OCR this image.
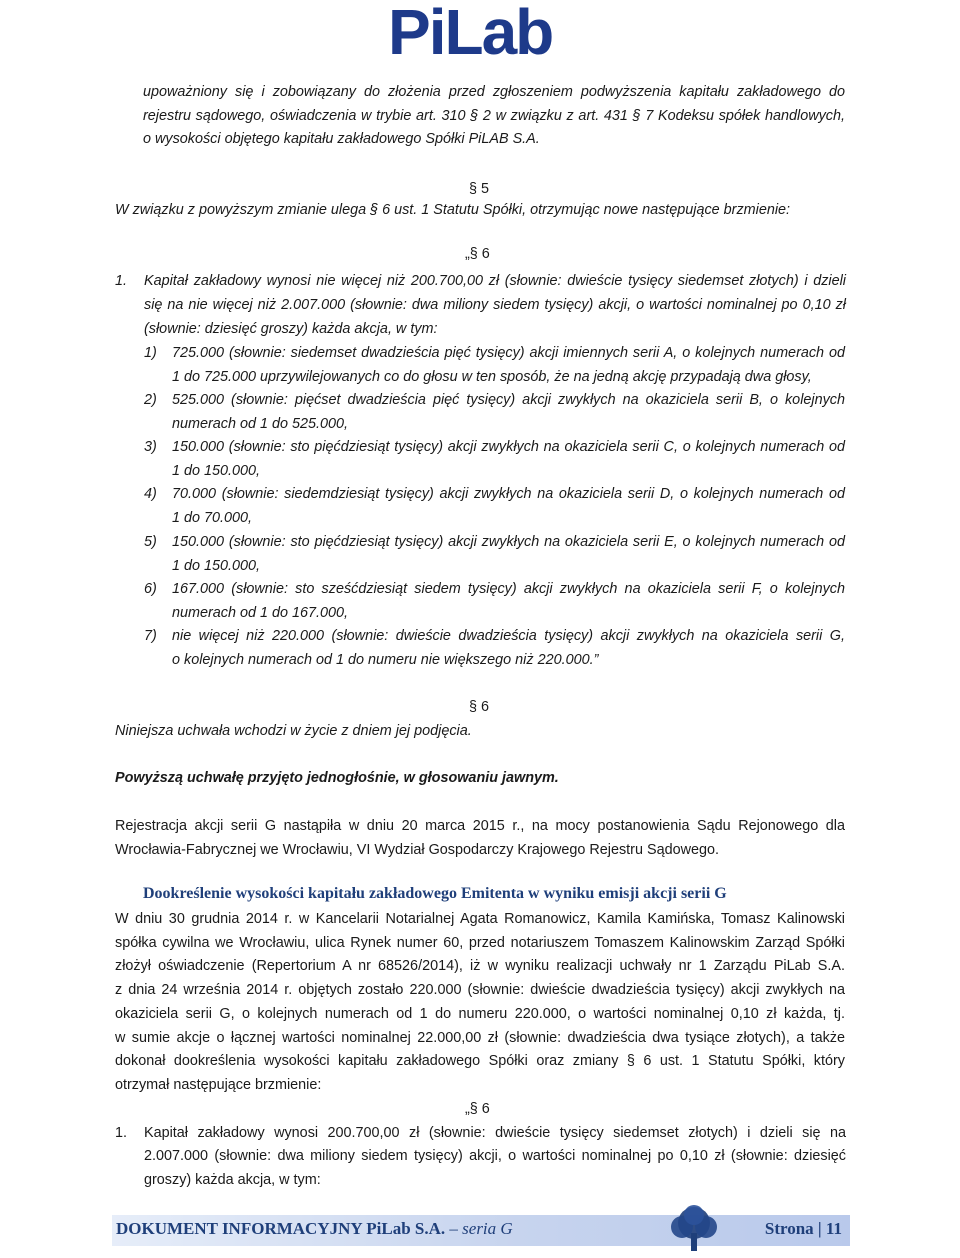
PiLab
upoważniony się i zobowiązany do złożenia przed zgłoszeniem podwyższenia kapitału zakładowego do
rejestru sądowego, oświadczenia w trybie art. 310 § 2 w związku z art. 431 § 7 Kodeksu spółek handlowych,
o wysokości objętego kapitału zakładowego Spółki PiLAB S.A.
§ 5
W związku z powyższym zmianie ulega § 6 ust. 1 Statutu Spółki, otrzymując nowe następujące brzmienie:
„§ 6
1. Kapitał zakładowy wynosi nie więcej niż 200.700,00 zł (słownie: dwieście tysięcy siedemset złotych) i dzieli
się na nie więcej niż 2.007.000 (słownie: dwa miliony siedem tysięcy) akcji, o wartości nominalnej po 0,10 zł
(słownie: dziesięć groszy) każda akcja, w tym:
1) 725.000 (słownie: siedemset dwadzieścia pięć tysięcy) akcji imiennych serii A, o kolejnych numerach od
1 do 725.000 uprzywilejowanych co do głosu w ten sposób, że na jedną akcję przypadają dwa głosy,
2) 525.000 (słownie: pięćset dwadzieścia pięć tysięcy) akcji zwykłych na okaziciela serii B, o kolejnych
numerach od 1 do 525.000,
3) 150.000 (słownie: sto pięćdziesiąt tysięcy) akcji zwykłych na okaziciela serii C, o kolejnych numerach od
1 do 150.000,
4) 70.000 (słownie: siedemdziesiąt tysięcy) akcji zwykłych na okaziciela serii D, o kolejnych numerach od
1 do 70.000,
5) 150.000 (słownie: sto pięćdziesiąt tysięcy) akcji zwykłych na okaziciela serii E, o kolejnych numerach od
1 do 150.000,
6) 167.000 (słownie: sto sześćdziesiąt siedem tysięcy) akcji zwykłych na okaziciela serii F, o kolejnych
numerach od 1 do 167.000,
7) nie więcej niż 220.000 (słownie: dwieście dwadzieścia tysięcy) akcji zwykłych na okaziciela serii G,
o kolejnych numerach od 1 do numeru nie większego niż 220.000.”
§ 6
Niniejsza uchwała wchodzi w życie z dniem jej podjęcia.
Powyższą uchwałę przyjęto jednogłośnie, w głosowaniu jawnym.
Rejestracja akcji serii G nastąpiła w dniu 20 marca 2015 r., na mocy postanowienia Sądu Rejonowego dla
Wrocławia-Fabrycznej we Wrocławiu, VI Wydział Gospodarczy Krajowego Rejestru Sądowego.
Dookreślenie wysokości kapitału zakładowego Emitenta w wyniku emisji akcji serii G
W dniu 30 grudnia 2014 r. w Kancelarii Notarialnej Agata Romanowicz, Kamila Kamińska, Tomasz Kalinowski
spółka cywilna we Wrocławiu, ulica Rynek numer 60, przed notariuszem Tomaszem Kalinowskim Zarząd Spółki
złożył oświadczenie (Repertorium A nr 68526/2014), iż w wyniku realizacji uchwały nr 1 Zarządu PiLab S.A.
z dnia 24 września 2014 r. objętych zostało 220.000 (słownie: dwieście dwadzieścia tysięcy) akcji zwykłych na
okaziciela serii G, o kolejnych numerach od 1 do numeru 220.000, o wartości nominalnej 0,10 zł każda, tj.
w sumie akcje o łącznej wartości nominalnej 22.000,00 zł (słownie: dwadzieścia dwa tysiące złotych), a także
dokonał dookreślenia wysokości kapitału zakładowego Spółki oraz zmiany § 6 ust. 1 Statutu Spółki, który
otrzymał następujące brzmienie:
„§ 6
1. Kapitał zakładowy wynosi 200.700,00 zł (słownie: dwieście tysięcy siedemset złotych) i dzieli się na
2.007.000 (słownie: dwa miliony siedem tysięcy) akcji, o wartości nominalnej po 0,10 zł (słownie: dziesięć
groszy) każda akcja, w tym:
DOKUMENT INFORMACYJNY PiLab S.A. – seria G	Strona | 11
